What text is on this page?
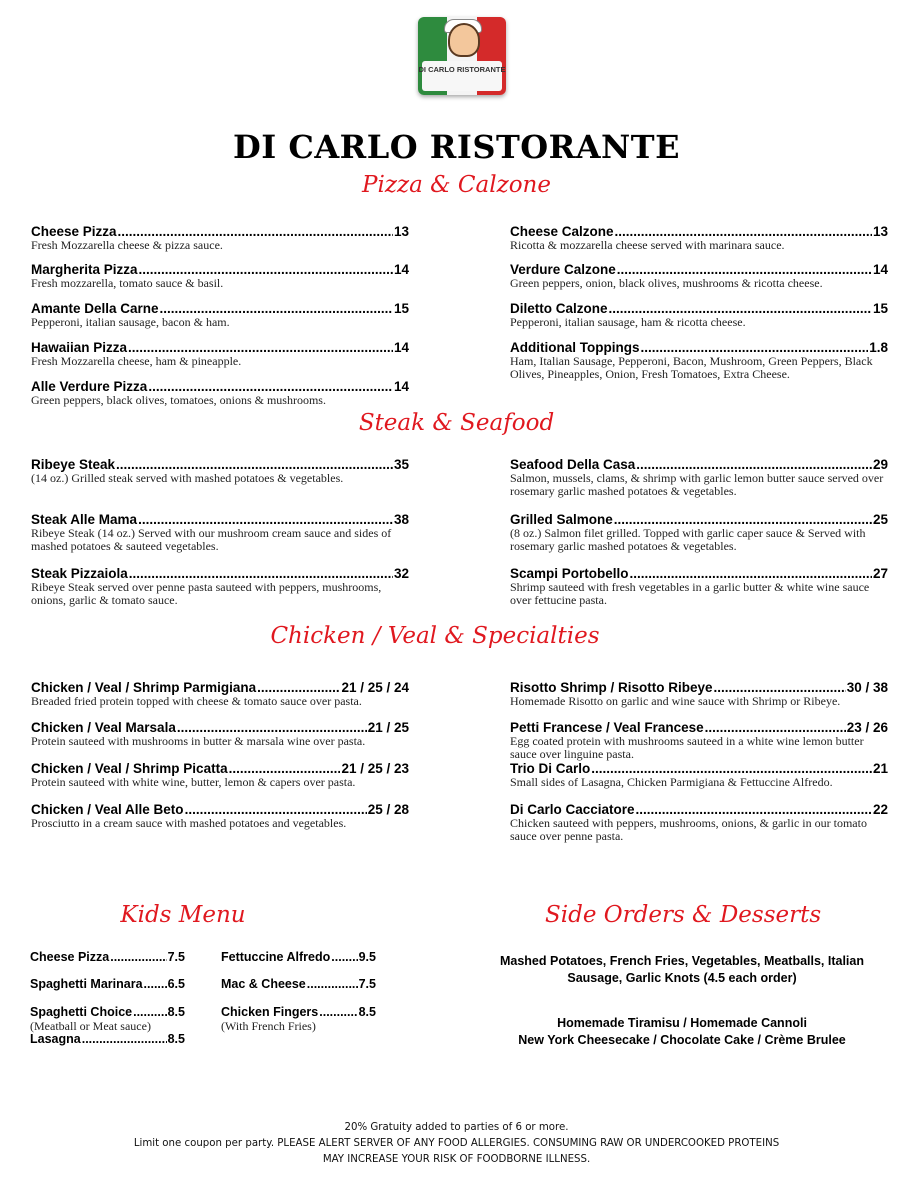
DI CARLO RISTORANTE
DI CARLO RISTORANTE
Pizza & Calzone
Steak & Seafood
Chicken / Veal & Specialties
Kids Menu	Side Orders & Desserts
Cheese Pizza .....	13
Fresh Mozzarella cheese & pizza sauce.
Margherita Pizza .....	14
Fresh mozzarella, tomato sauce & basil.
Amante Della Carne .....	15
Pepperoni, italian sausage, bacon & ham.
Hawaiian Pizza .....	14
Fresh Mozzarella cheese, ham & pineapple.
Alle Verdure Pizza .....	14
Green peppers, black olives, tomatoes, onions & mushrooms.
Cheese Calzone .....	13
Ricotta & mozzarella cheese served with marinara sauce.
Verdure Calzone .....	14
Green peppers, onion, black olives, mushrooms & ricotta cheese.
Diletto Calzone .....	15
Pepperoni, italian sausage, ham & ricotta cheese.
Additional Toppings .....	1.8
Ham, Italian Sausage, Pepperoni, Bacon, Mushroom, Green Peppers, Black Olives, Pineapples, Onion, Fresh Tomatoes, Extra Cheese.
Ribeye Steak .....	35
(14 oz.) Grilled steak served with mashed potatoes & vegetables.
Steak Alle Mama .....	38
Ribeye Steak (14 oz.) Served with our mushroom cream sauce and sides of mashed potatoes & sauteed vegetables.
Steak Pizzaiola .....	32
Ribeye Steak served over penne pasta sauteed with peppers, mushrooms, onions, garlic & tomato sauce.
Seafood Della Casa .....	29
Salmon, mussels, clams, & shrimp with garlic lemon butter sauce served over rosemary garlic mashed potatoes & vegetables.
Grilled Salmone .....	25
(8 oz.) Salmon filet grilled. Topped with garlic caper sauce & Served with rosemary garlic mashed potatoes & vegetables.
Scampi Portobello .....	27
Shrimp sauteed with fresh vegetables in a garlic butter & white wine sauce over fettucine pasta.
Chicken / Veal / Shrimp Parmigiana .....	21 / 25 / 24
Breaded fried protein topped with cheese & tomato sauce over pasta.
Chicken / Veal Marsala .....	21 / 25
Protein sauteed with mushrooms in butter & marsala wine over pasta.
Chicken / Veal / Shrimp Picatta .....	21 / 25 / 23
Protein sauteed with white wine, butter, lemon & capers over pasta.
Chicken / Veal Alle Beto .....	25 / 28
Prosciutto in a cream sauce with mashed potatoes and vegetables.
Risotto Shrimp / Risotto Ribeye .....	30 / 38
Homemade Risotto on garlic and wine sauce with Shrimp or Ribeye.
Petti Francese / Veal Francese .....	23 / 26
Egg coated protein with mushrooms sauteed in a white wine lemon butter sauce over linguine pasta.
Trio Di Carlo .....	21
Small sides of Lasagna, Chicken Parmigiana & Fettuccine Alfredo.
Di Carlo Cacciatore .....	22
Chicken sauteed with peppers, mushrooms, onions, & garlic in our tomato sauce over penne pasta.
Cheese Pizza .....	7.5
Spaghetti Marinara ..... 6.5
Spaghetti Choice .....	8.5
(Meatball or Meat sauce)
Lasagna .....	8.5
Fettuccine Alfredo ..... 9.5
Mac & Cheese .....	7.5
Chicken Fingers .....	8.5
(With French Fries)
Mashed Potatoes, French Fries, Vegetables, Meatballs, Italian
Sausage, Garlic Knots (4.5 each order)
Homemade Tiramisu / Homemade Cannoli
New York Cheesecake / Chocolate Cake / Crème Brulee
20% Gratuity added to parties of 6 or more.
Limit one coupon per party. PLEASE ALERT SERVER OF ANY FOOD ALLERGIES. CONSUMING RAW OR UNDERCOOKED PROTEINS
MAY INCREASE YOUR RISK OF FOODBORNE ILLNESS.
